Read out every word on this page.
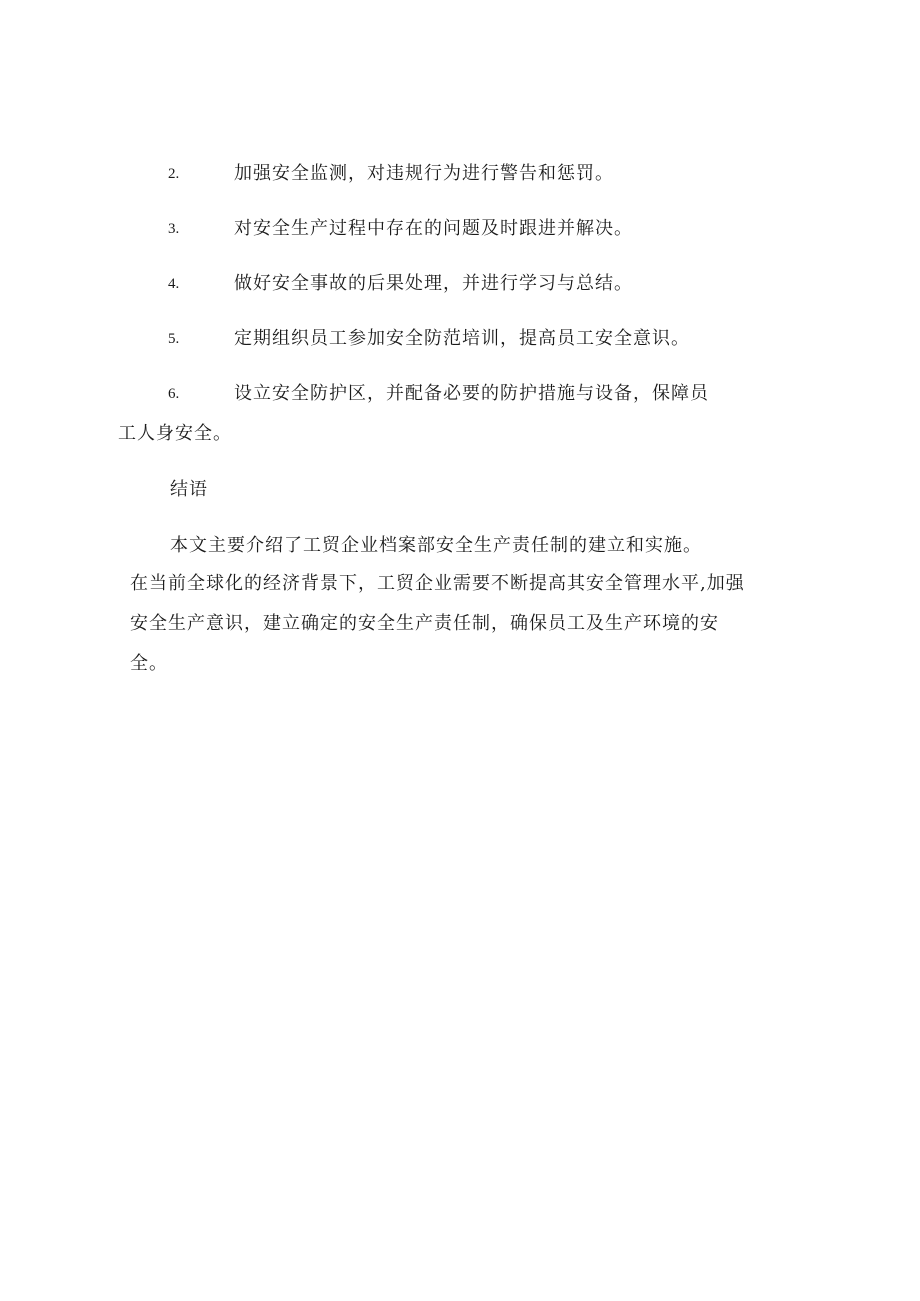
2.	加强安全监测，对违规行为进行警告和惩罚。
3.	对安全生产过程中存在的问题及时跟进并解决。
4.	做好安全事故的后果处理，并进行学习与总结。
5.	定期组织员工参加安全防范培训，提高员工安全意识。
6.	设立安全防护区，并配备必要的防护措施与设备，保障员
工人身安全。
结语
本文主要介绍了工贸企业档案部安全生产责任制的建立和实施。
在当前全球化的经济背景下，工贸企业需要不断提高其安全管理水平,加强
安全生产意识，建立确定的安全生产责任制，确保员工及生产环境的安
全。
